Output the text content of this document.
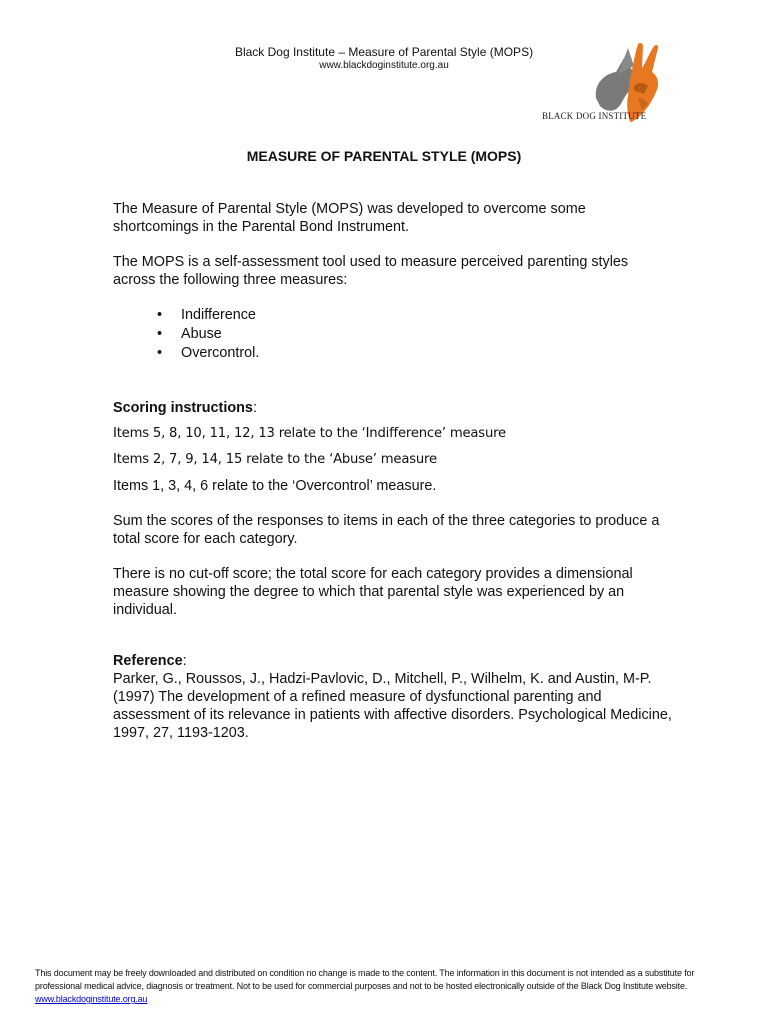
Black Dog Institute – Measure of Parental Style (MOPS)
www.blackdoginstitute.org.au
BLACK DOG INSTITUTE
MEASURE OF PARENTAL STYLE (MOPS)

The Measure of Parental Style (MOPS) was developed to overcome some shortcomings in the Parental Bond Instrument.

The MOPS is a self-assessment tool used to measure perceived parenting styles across the following three measures:

• Indifference
• Abuse
• Overcontrol.
Scoring instructions:
Items 5, 8, 10, 11, 12, 13 relate to the ‘Indifference’ measure
Items 2, 7, 9, 14, 15 relate to the ‘Abuse’ measure

Items 1, 3, 4, 6 relate to the ‘Overcontrol’ measure.

Sum the scores of the responses to items in each of the three categories to produce a total score for each category.

There is no cut-off score; the total score for each category provides a dimensional measure showing the degree to which that parental style was experienced by an individual.

Reference:

Parker, G., Roussos, J., Hadzi-Pavlovic, D., Mitchell, P., Wilhelm, K. and Austin, M-P. (1997) The development of a refined measure of dysfunctional parenting and assessment of its relevance in patients with affective disorders. Psychological Medicine, 1997, 27, 1193-1203.

This document may be freely downloaded and distributed on condition no change is made to the content. The information in this document is not intended as a substitute for professional medical advice, diagnosis or treatment. Not to be used for commercial purposes and not to be hosted electronically outside of the Black Dog Institute website. www.blackdoginstitute.org.au
